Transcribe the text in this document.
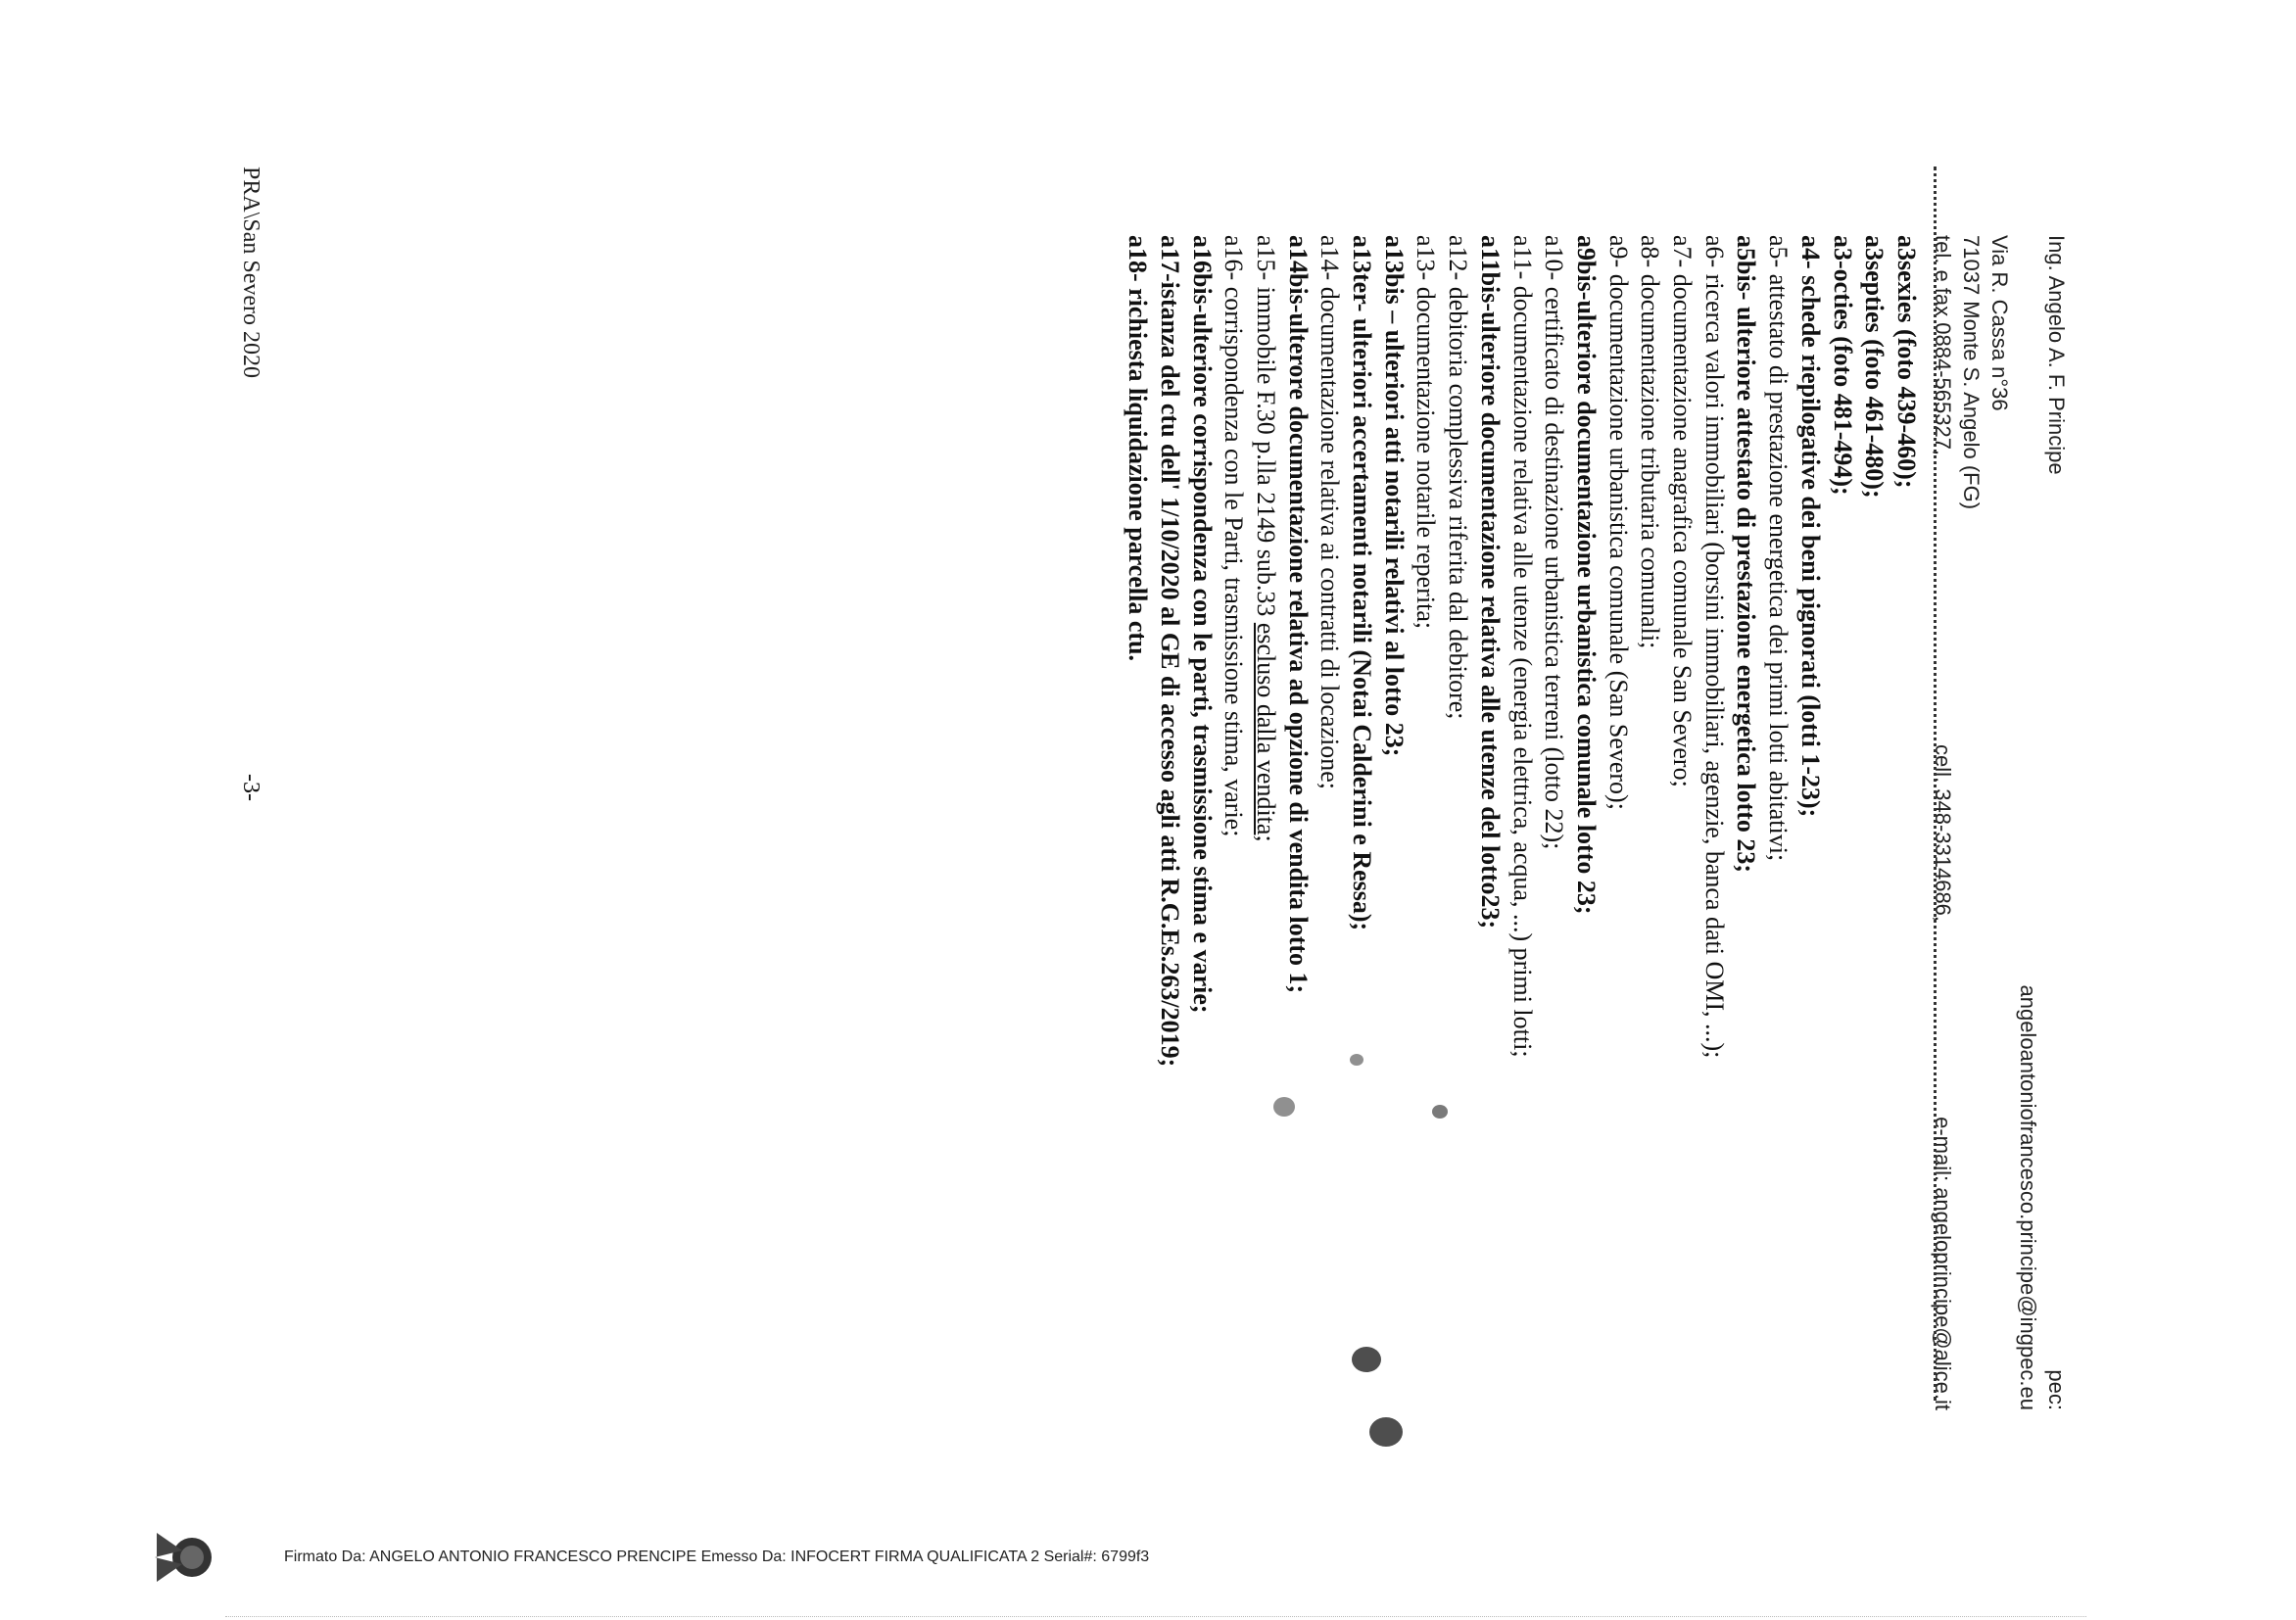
Ing. Angelo A. F. Principe
pec: angeloantoniofrancesco.principe@ingpec.eu
Via R. Cassa n°36
71037 Monte S. Angelo (FG)
tel. e fax 0884-565327,
cell. 348-3314686,
e-mail: angeloprincipe@alice.it
a3sexies (foto 439-460);
a3septies (foto 461-480);
a3-octies (foto 481-494);
a4- schede riepilogative dei beni pignorati (lotti 1-23);
a5- attestato di prestazione energetica dei primi lotti abitativi;
a5bis- ulteriore attestato di prestazione energetica lotto 23;
a6- ricerca valori immobiliari (borsini immobiliari, agenzie, banca dati OMI, ...);
a7- documentazione anagrafica comunale San Severo;
a8- documentazione tributaria comunali;
a9- documentazione urbanistica comunale (San Severo);
a9bis-ulteriore documentazione urbanistica comunale lotto 23;
a10- certificato di destinazione urbanistica terreni (lotto 22);
a11- documentazione relativa alle utenze (energia elettrica, acqua, ...) primi lotti;
a11bis-ulteriore documentazione relativa alle utenze del lotto23;
a12- debitoria complessiva riferita dal debitore;
a13- documentazione notarile reperita;
a13bis – ulteriori atti notarili relativi al lotto 23;
a13ter- ulteriori accertamenti notarili (Notai Calderini e Ressa);
a14- documentazione relativa ai contratti di locazione;
a14bis-ulterore documentazione relativa ad opzione di vendita lotto 1;
a15- immobile F.30 p.lla 2149 sub.33 escluso dalla vendita;
a16- corrispondenza con le Parti, trasmissione stima, varie;
a16bis-ulteriore corrispondenza con le parti, trasmissione stima e varie;
a17-istanza del ctu dell' 1/10/2020 al GE di accesso agli atti R.G.Es.263/2019;
a18- richiesta liquidazione parcella ctu.
PRA\San Severo 2020
-3-
Firmato Da: ANGELO ANTONIO FRANCESCO PRENCIPE Emesso Da: INFOCERT FIRMA QUALIFICATA 2 Serial#: 6799f3
